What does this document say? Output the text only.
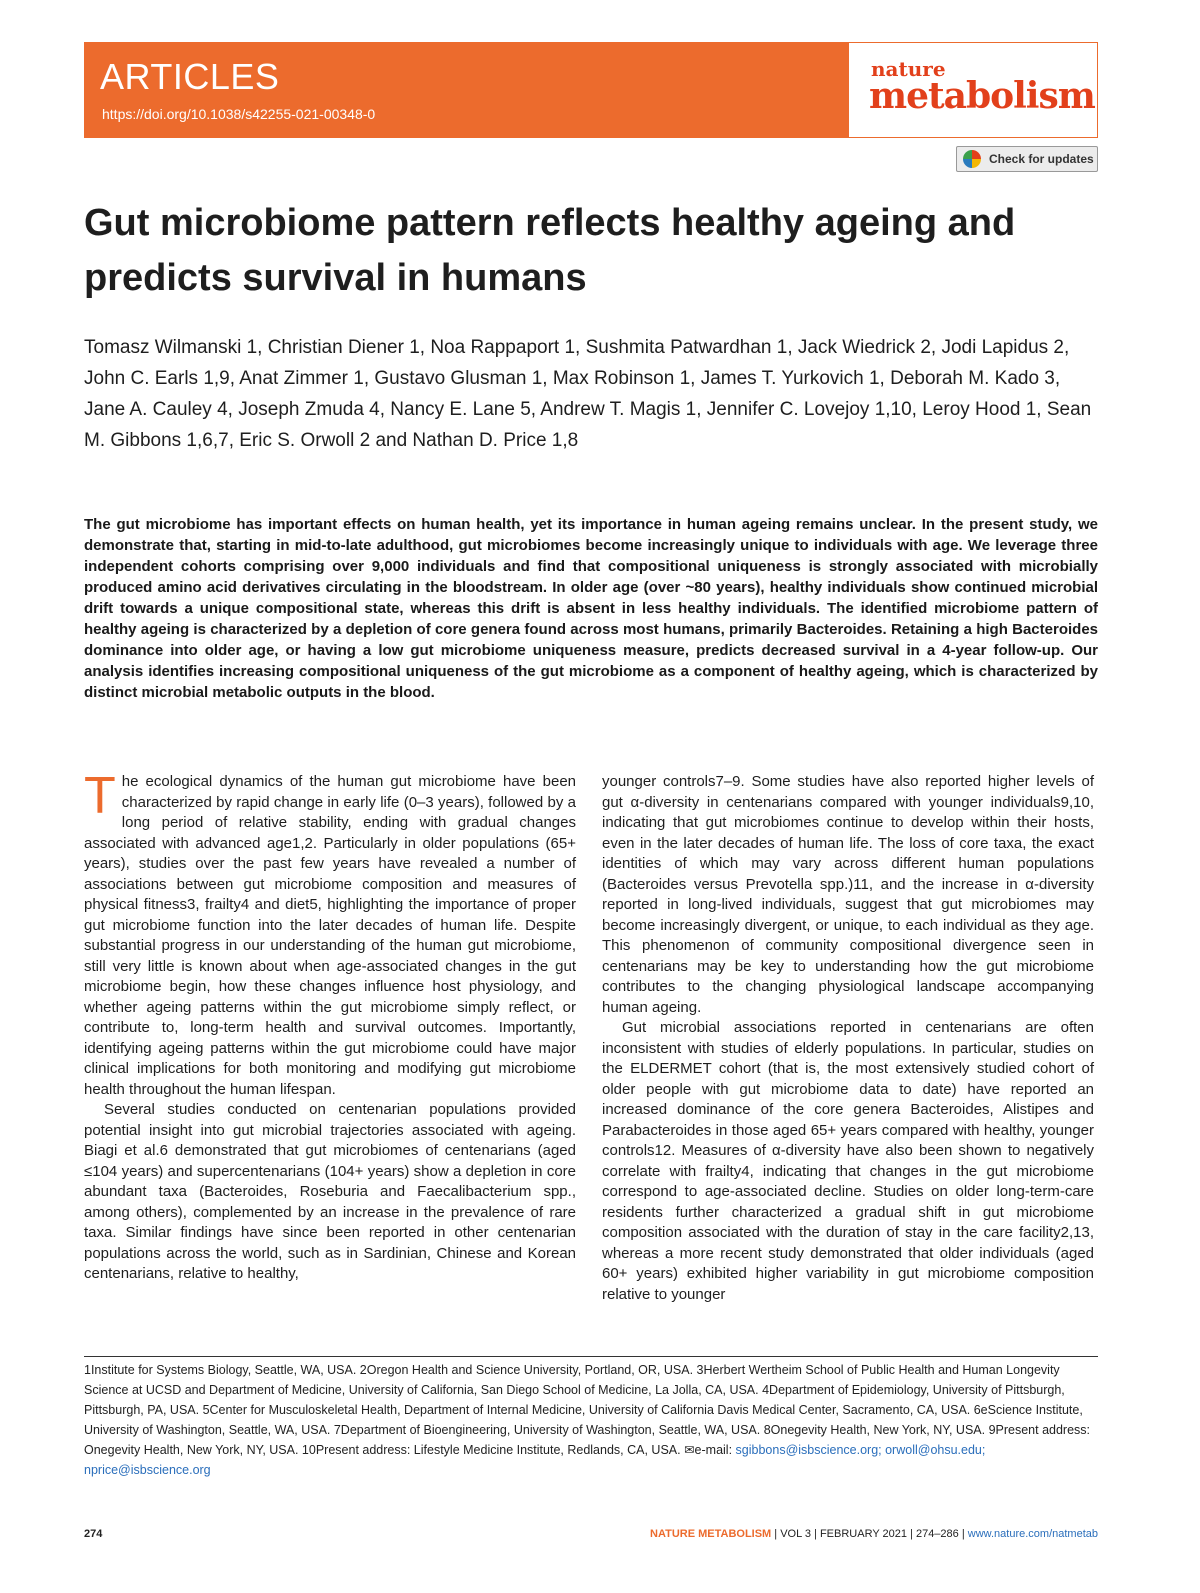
ARTICLES
https://doi.org/10.1038/s42255-021-00348-0
nature
metabolism
Check for updates
Gut microbiome pattern reflects healthy ageing and predicts survival in humans
Tomasz Wilmanski 1, Christian Diener 1, Noa Rappaport 1, Sushmita Patwardhan 1, Jack Wiedrick 2, Jodi Lapidus 2, John C. Earls 1,9, Anat Zimmer 1, Gustavo Glusman 1, Max Robinson 1, James T. Yurkovich 1, Deborah M. Kado 3, Jane A. Cauley 4, Joseph Zmuda 4, Nancy E. Lane 5, Andrew T. Magis 1, Jennifer C. Lovejoy 1,10, Leroy Hood 1, Sean M. Gibbons 1,6,7, Eric S. Orwoll 2 and Nathan D. Price 1,8
The gut microbiome has important effects on human health, yet its importance in human ageing remains unclear. In the present study, we demonstrate that, starting in mid-to-late adulthood, gut microbiomes become increasingly unique to individuals with age. We leverage three independent cohorts comprising over 9,000 individuals and find that compositional uniqueness is strongly associated with microbially produced amino acid derivatives circulating in the bloodstream. In older age (over ~80 years), healthy individuals show continued microbial drift towards a unique compositional state, whereas this drift is absent in less healthy individuals. The identified microbiome pattern of healthy ageing is characterized by a depletion of core genera found across most humans, primarily Bacteroides. Retaining a high Bacteroides dominance into older age, or having a low gut microbiome uniqueness measure, predicts decreased survival in a 4-year follow-up. Our analysis identifies increasing compositional uniqueness of the gut microbiome as a component of healthy ageing, which is characterized by distinct microbial metabolic outputs in the blood.

The ecological dynamics of the human gut microbiome have been characterized by rapid change in early life (0–3 years), followed by a long period of relative stability, ending with gradual changes associated with advanced age1,2. Particularly in older populations (65+ years), studies over the past few years have revealed a number of associations between gut microbiome composition and measures of physical fitness3, frailty4 and diet5, highlighting the importance of proper gut microbiome function into the later decades of human life. Despite substantial progress in our understanding of the human gut microbiome, still very little is known about when age-associated changes in the gut microbiome begin, how these changes influence host physiology, and whether ageing patterns within the gut microbiome simply reflect, or contribute to, long-term health and survival outcomes. Importantly, identifying ageing patterns within the gut microbiome could have major clinical implications for both monitoring and modifying gut microbiome health throughout the human lifespan.

Several studies conducted on centenarian populations provided potential insight into gut microbial trajectories associated with ageing. Biagi et al.6 demonstrated that gut microbiomes of centenarians (aged ≤104 years) and supercentenarians (104+ years) show a depletion in core abundant taxa (Bacteroides, Roseburia and Faecalibacterium spp., among others), complemented by an increase in the prevalence of rare taxa. Similar findings have since been reported in other centenarian populations across the world, such as in Sardinian, Chinese and Korean centenarians, relative to healthy,

younger controls7–9. Some studies have also reported higher levels of gut α-diversity in centenarians compared with younger individuals9,10, indicating that gut microbiomes continue to develop within their hosts, even in the later decades of human life. The loss of core taxa, the exact identities of which may vary across different human populations (Bacteroides versus Prevotella spp.)11, and the increase in α-diversity reported in long-lived individuals, suggest that gut microbiomes may become increasingly divergent, or unique, to each individual as they age. This phenomenon of community compositional divergence seen in centenarians may be key to understanding how the gut microbiome contributes to the changing physiological landscape accompanying human ageing.

Gut microbial associations reported in centenarians are often inconsistent with studies of elderly populations. In particular, studies on the ELDERMET cohort (that is, the most extensively studied cohort of older people with gut microbiome data to date) have reported an increased dominance of the core genera Bacteroides, Alistipes and Parabacteroides in those aged 65+ years compared with healthy, younger controls12. Measures of α-diversity have also been shown to negatively correlate with frailty4, indicating that changes in the gut microbiome correspond to age-associated decline. Studies on older long-term-care residents further characterized a gradual shift in gut microbiome composition associated with the duration of stay in the care facility2,13, whereas a more recent study demonstrated that older individuals (aged 60+ years) exhibited higher variability in gut microbiome composition relative to younger

1Institute for Systems Biology, Seattle, WA, USA. 2Oregon Health and Science University, Portland, OR, USA. 3Herbert Wertheim School of Public Health and Human Longevity Science at UCSD and Department of Medicine, University of California, San Diego School of Medicine, La Jolla, CA, USA. 4Department of Epidemiology, University of Pittsburgh, Pittsburgh, PA, USA. 5Center for Musculoskeletal Health, Department of Internal Medicine, University of California Davis Medical Center, Sacramento, CA, USA. 6eScience Institute, University of Washington, Seattle, WA, USA. 7Department of Bioengineering, University of Washington, Seattle, WA, USA. 8Onegevity Health, New York, NY, USA. 9Present address: Onegevity Health, New York, NY, USA. 10Present address: Lifestyle Medicine Institute, Redlands, CA, USA. ✉e-mail: sgibbons@isbscience.org; orwoll@ohsu.edu; nprice@isbscience.org
274	NATURE METABOLISM | VOL 3 | FEBRUARY 2021 | 274–286 | www.nature.com/natmetab
